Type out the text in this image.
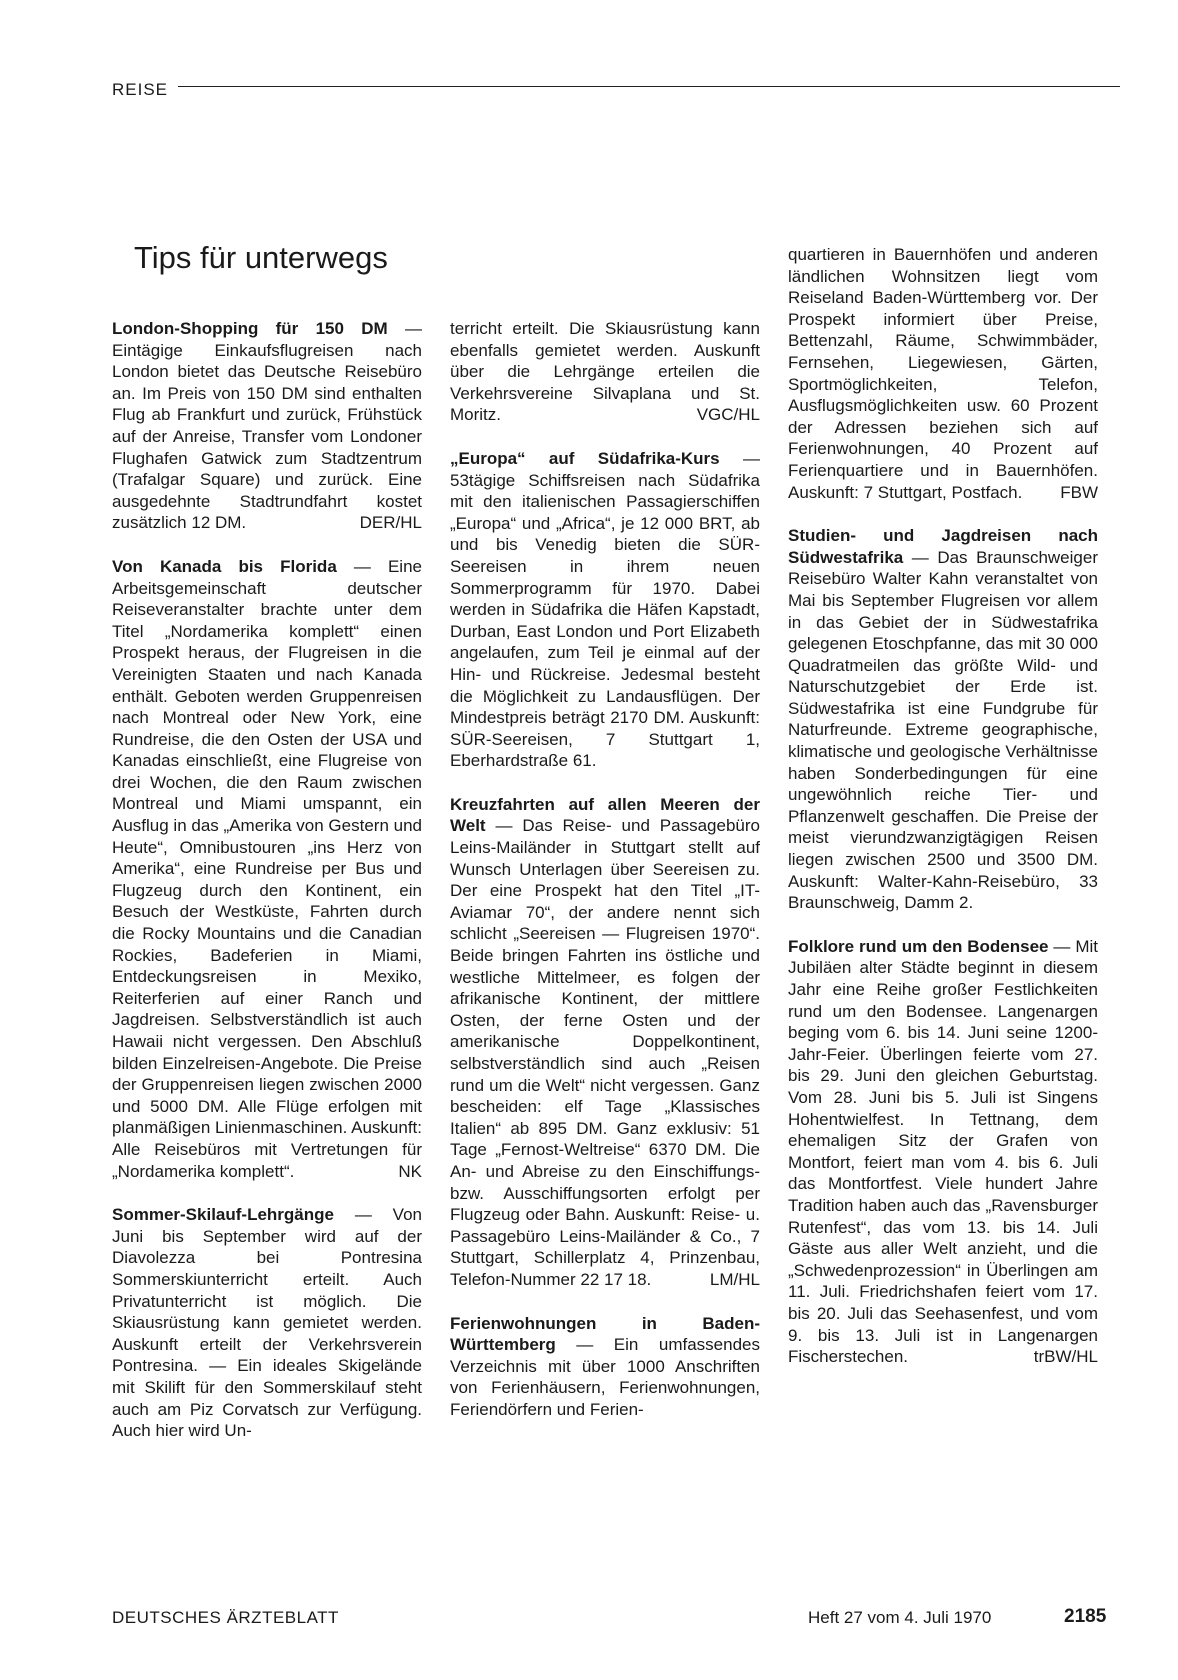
REISE
Tips für unterwegs

London-Shopping für 150 DM — Eintägige Einkaufsflugreisen nach London bietet das Deutsche Reisebüro an. Im Preis von 150 DM sind enthalten Flug ab Frankfurt und zurück, Frühstück auf der Anreise, Transfer vom Londoner Flughafen Gatwick zum Stadtzentrum (Trafalgar Square) und zurück. Eine ausgedehnte Stadtrundfahrt kostet zusätzlich 12 DM.	DER/HL

Von Kanada bis Florida — Eine Arbeitsgemeinschaft deutscher Reiseveranstalter brachte unter dem Titel „Nordamerika komplett“ einen Prospekt heraus, der Flugreisen in die Vereinigten Staaten und nach Kanada enthält. Geboten werden Gruppenreisen nach Montreal oder New York, eine Rundreise, die den Osten der USA und Kanadas einschließt, eine Flugreise von drei Wochen, die den Raum zwischen Montreal und Miami umspannt, ein Ausflug in das „Amerika von Gestern und Heute“, Omnibustouren „ins Herz von Amerika“, eine Rundreise per Bus und Flugzeug durch den Kontinent, ein Besuch der Westküste, Fahrten durch die Rocky Mountains und die Canadian Rockies, Badeferien in Miami, Entdeckungsreisen in Mexiko, Reiterferien auf einer Ranch und Jagdreisen. Selbstverständlich ist auch Hawaii nicht vergessen. Den Abschluß bilden Einzelreisen-Angebote. Die Preise der Gruppenreisen liegen zwischen 2000 und 5000 DM. Alle Flüge erfolgen mit planmäßigen Linienmaschinen. Auskunft: Alle Reisebüros mit Vertretungen für „Nordamerika komplett“.	NK

Sommer-Skilauf-Lehrgänge — Von Juni bis September wird auf der Diavolezza bei Pontresina Sommerskiunterricht erteilt. Auch Privatunterricht ist möglich. Die Skiausrüstung kann gemietet werden. Auskunft erteilt der Verkehrsverein Pontresina. — Ein ideales Skigelände mit Skilift für den Sommerskilauf steht auch am Piz Corvatsch zur Verfügung. Auch hier wird Un-

terricht erteilt. Die Skiausrüstung kann ebenfalls gemietet werden. Auskunft über die Lehrgänge erteilen die Verkehrsvereine Silvaplana und St. Moritz.	VGC/HL

„Europa“ auf Südafrika-Kurs — 53tägige Schiffsreisen nach Südafrika mit den italienischen Passagierschiffen „Europa“ und „Africa“, je 12 000 BRT, ab und bis Venedig bieten die SÜR-Seereisen in ihrem neuen Sommerprogramm für 1970. Dabei werden in Südafrika die Häfen Kapstadt, Durban, East London und Port Elizabeth angelaufen, zum Teil je einmal auf der Hin- und Rückreise. Jedesmal besteht die Möglichkeit zu Landausflügen. Der Mindestpreis beträgt 2170 DM. Auskunft: SÜR-Seereisen, 7 Stuttgart 1, Eberhardstraße 61.

Kreuzfahrten auf allen Meeren der Welt — Das Reise- und Passagebüro Leins-Mailänder in Stuttgart stellt auf Wunsch Unterlagen über Seereisen zu. Der eine Prospekt hat den Titel „IT-Aviamar 70“, der andere nennt sich schlicht „Seereisen — Flugreisen 1970“. Beide bringen Fahrten ins östliche und westliche Mittelmeer, es folgen der afrikanische Kontinent, der mittlere Osten, der ferne Osten und der amerikanische Doppelkontinent, selbstverständlich sind auch „Reisen rund um die Welt“ nicht vergessen. Ganz bescheiden: elf Tage „Klassisches Italien“ ab 895 DM. Ganz exklusiv: 51 Tage „Fernost-Weltreise“ 6370 DM. Die An- und Abreise zu den Einschiffungs- bzw. Ausschiffungsorten erfolgt per Flugzeug oder Bahn. Auskunft: Reise- u. Passagebüro Leins-Mailänder & Co., 7 Stuttgart, Schillerplatz 4, Prinzenbau, Telefon-Nummer 22 17 18.	LM/HL

Ferienwohnungen in Baden-Württemberg — Ein umfassendes Verzeichnis mit über 1000 Anschriften von Ferienhäusern, Ferienwohnungen, Feriendörfern und Ferien-

quartieren in Bauernhöfen und anderen ländlichen Wohnsitzen liegt vom Reiseland Baden-Württemberg vor. Der Prospekt informiert über Preise, Bettenzahl, Räume, Schwimmbäder, Fernsehen, Liegewiesen, Gärten, Sportmöglichkeiten, Telefon, Ausflugsmöglichkeiten usw. 60 Prozent der Adressen beziehen sich auf Ferienwohnungen, 40 Prozent auf Ferienquartiere und in Bauernhöfen. Auskunft: 7 Stuttgart, Postfach. FBW

Studien- und Jagdreisen nach Südwestafrika — Das Braunschweiger Reisebüro Walter Kahn veranstaltet von Mai bis September Flugreisen vor allem in das Gebiet der in Südwestafrika gelegenen Etoschpfanne, das mit 30 000 Quadratmeilen das größte Wild- und Naturschutzgebiet der Erde ist. Südwestafrika ist eine Fundgrube für Naturfreunde. Extreme geographische, klimatische und geologische Verhältnisse haben Sonderbedingungen für eine ungewöhnlich reiche Tier- und Pflanzenwelt geschaffen. Die Preise der meist vierundzwanzigtägigen Reisen liegen zwischen 2500 und 3500 DM. Auskunft: Walter-Kahn-Reisebüro, 33 Braunschweig, Damm 2.

Folklore rund um den Bodensee — Mit Jubiläen alter Städte beginnt in diesem Jahr eine Reihe großer Festlichkeiten rund um den Bodensee. Langenargen beging vom 6. bis 14. Juni seine 1200-Jahr-Feier. Überlingen feierte vom 27. bis 29. Juni den gleichen Geburtstag. Vom 28. Juni bis 5. Juli ist Singens Hohentwielfest. In Tettnang, dem ehemaligen Sitz der Grafen von Montfort, feiert man vom 4. bis 6. Juli das Montfortfest. Viele hundert Jahre Tradition haben auch das „Ravensburger Rutenfest“, das vom 13. bis 14. Juli Gäste aus aller Welt anzieht, und die „Schwedenprozession“ in Überlingen am 11. Juli. Friedrichshafen feiert vom 17. bis 20. Juli das Seehasenfest, und vom 9. bis 13. Juli ist in Langenargen Fischerstechen.	trBW/HL

DEUTSCHES ÄRZTEBLATT	Heft 27 vom 4. Juli 1970	2185
